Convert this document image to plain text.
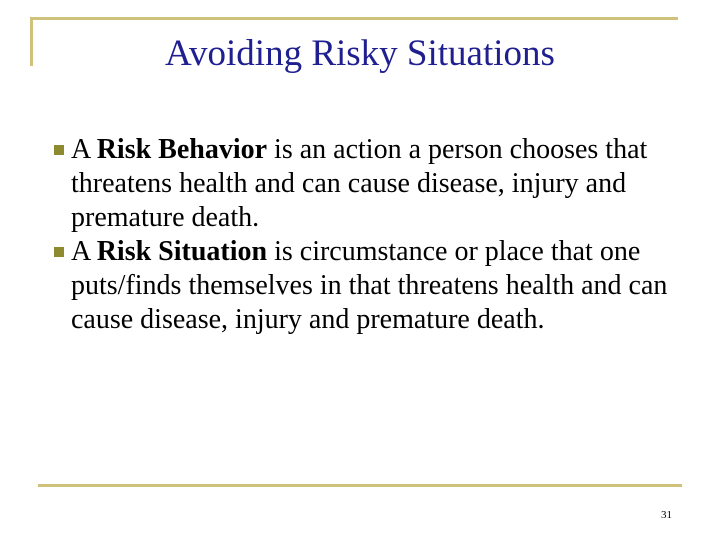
Avoiding Risky Situations
A Risk Behavior is an action a person chooses that threatens health and can cause disease, injury and premature death.
A Risk Situation is circumstance or place that one puts/finds themselves in that threatens health and can cause disease, injury and premature death.
31
